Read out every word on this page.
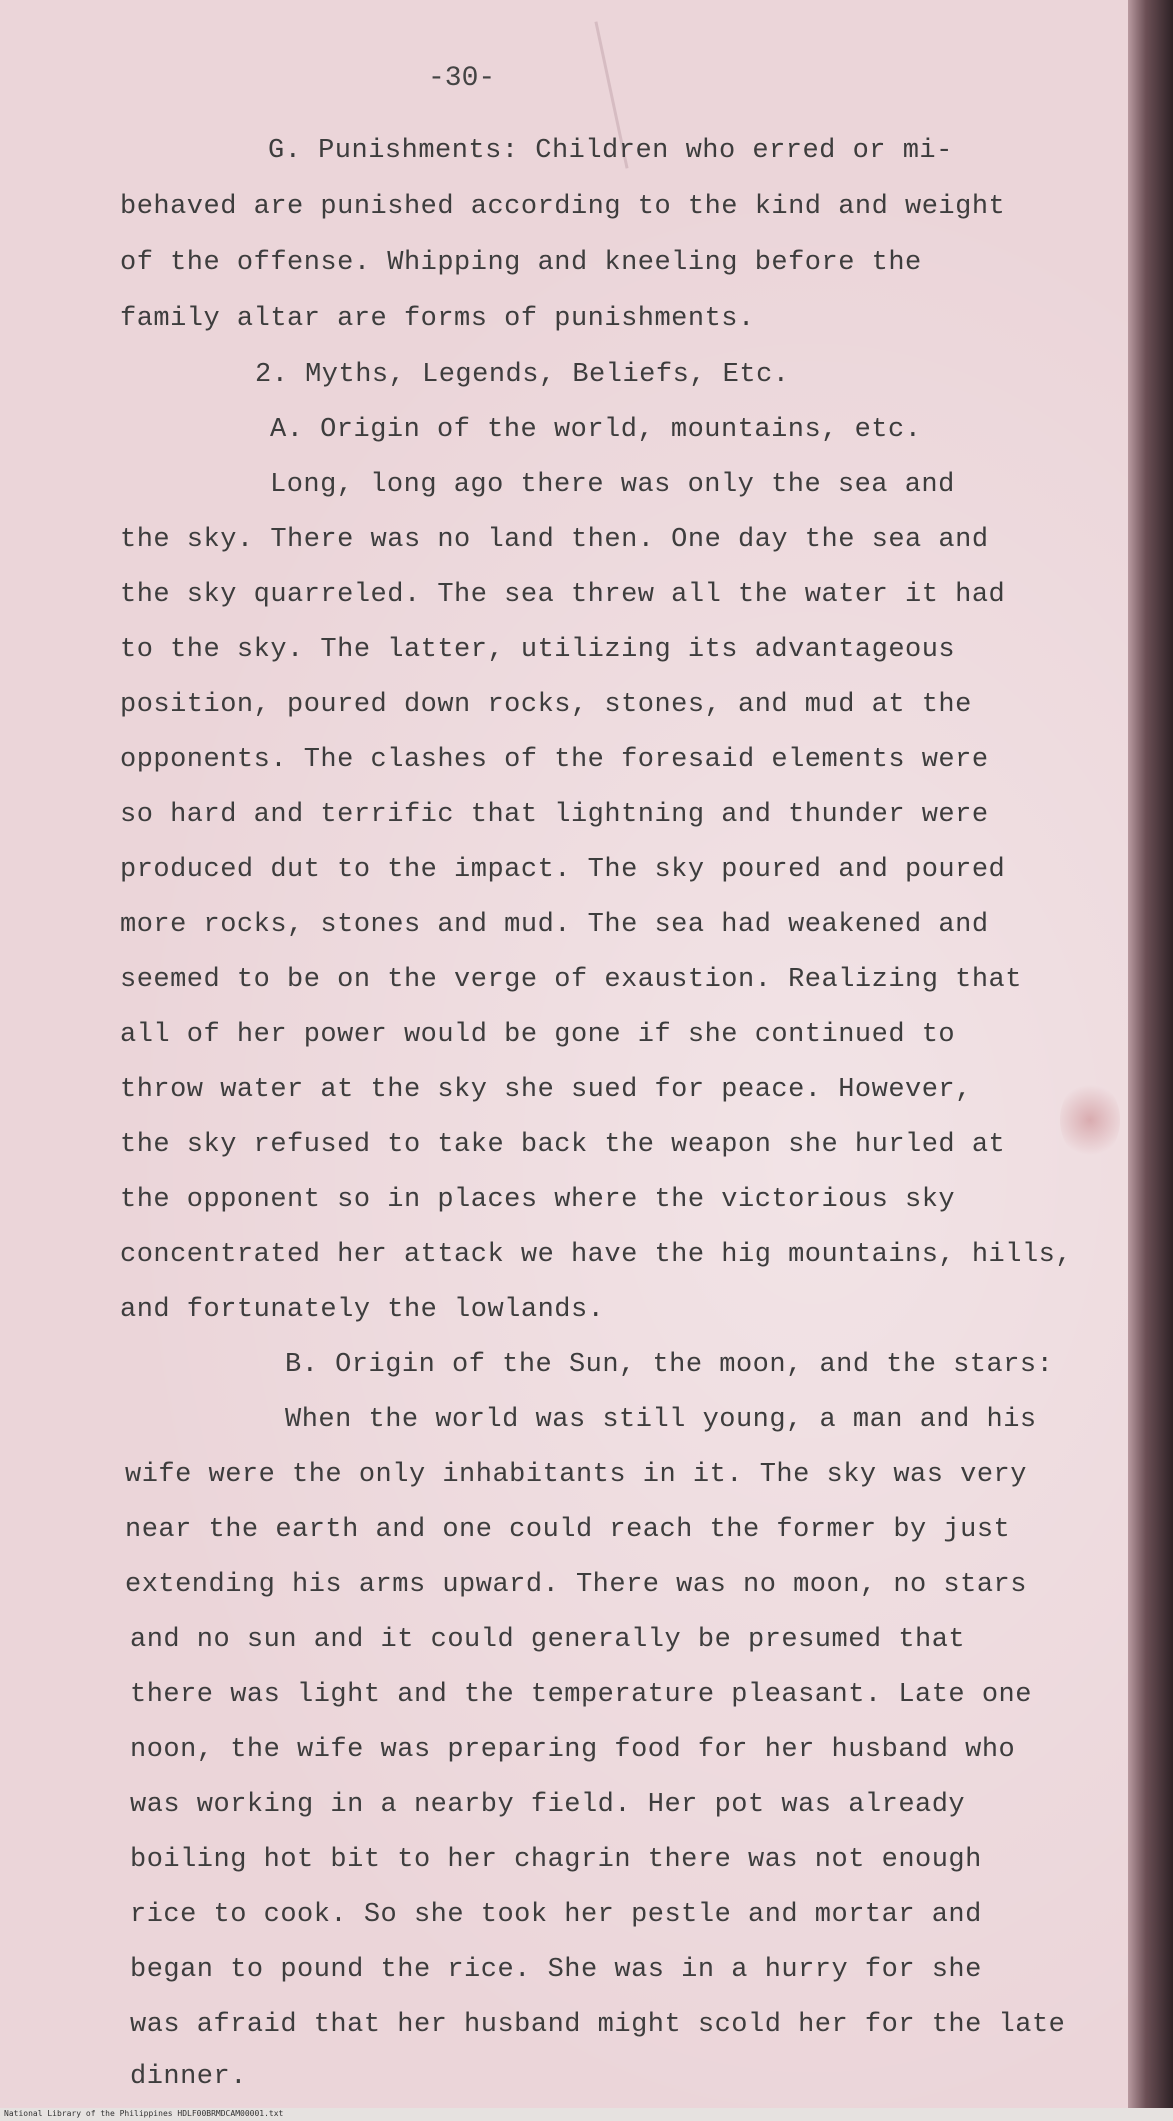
-30-
G. Punishments: Children who erred or mi-
behaved are punished according to the kind and weight
of the offense. Whipping and kneeling before the
family altar are forms of punishments.
2. Myths, Legends, Beliefs, Etc.
A. Origin of the world, mountains, etc.
Long, long ago there was only the sea and
the sky. There was no land then. One day the sea and
the sky quarreled. The sea threw all the water it had
to the sky. The latter, utilizing its advantageous
position, poured down rocks, stones, and mud at the
opponents. The clashes of the foresaid elements were
so hard and terrific that lightning and thunder were
produced dut to the impact. The sky poured and poured
more rocks, stones and mud. The sea had weakened and
seemed to be on the verge of exaustion. Realizing that
all of her power would be gone if she continued to
throw water at the sky she sued for peace. However,
the sky refused to take back the weapon she hurled at
the opponent so in places where the victorious sky
concentrated her attack we have the hig mountains, hills,
and fortunately the lowlands.
B. Origin of the Sun, the moon, and the stars:
When the world was still young, a man and his
wife were the only inhabitants in it. The sky was very
near the earth and one could reach the former by just
extending his arms upward. There was no moon, no stars
and no sun and it could generally be presumed that
there was light and the temperature pleasant. Late one
noon, the wife was preparing food for her husband who
was working in a nearby field. Her pot was already
boiling hot bit to her chagrin there was not enough
rice to cook. So she took her pestle and mortar and
began to pound the rice. She was in a hurry for she
was afraid that her husband might scold her for the late
dinner.
National Library of the Philippines HDLF00BRMDCAM00001.txt
